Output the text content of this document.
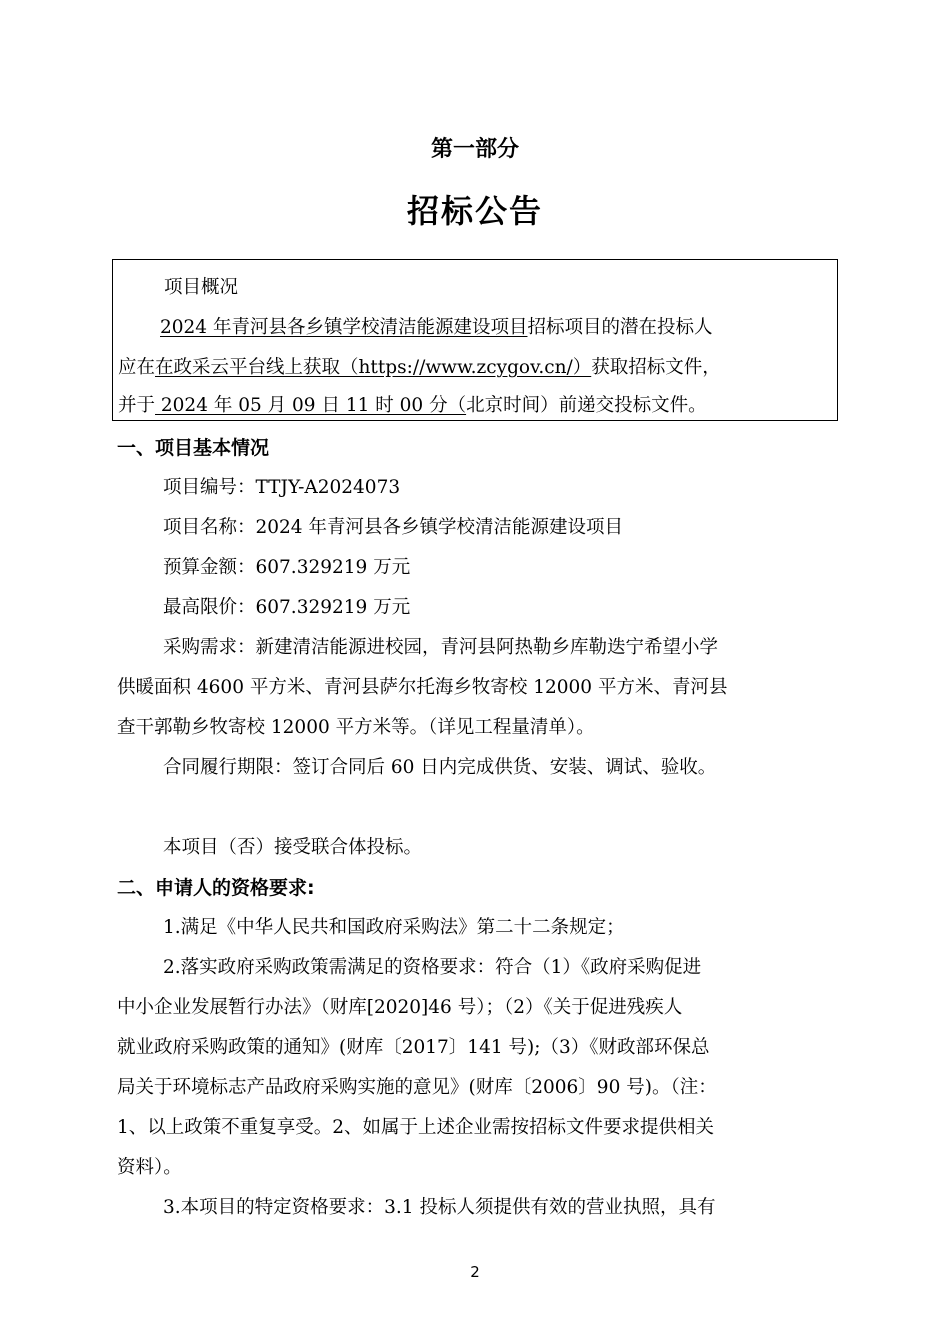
第一部分
招标公告
项目概况
2024 年青河县各乡镇学校清洁能源建设项目招标项目的潜在投标人
应在在政采云平台线上获取（https://www.zcygov.cn/）获取招标文件，
并于 2024 年 05 月 09 日 11 时 00 分（北京时间）前递交投标文件。
一、项目基本情况
项目编号：TTJY-A2024073
项目名称：2024 年青河县各乡镇学校清洁能源建设项目
预算金额：607.329219 万元
最高限价：607.329219 万元
采购需求：新建清洁能源进校园，青河县阿热勒乡库勒迭宁希望小学
供暖面积 4600 平方米、青河县萨尔托海乡牧寄校 12000 平方米、青河县
查干郭勒乡牧寄校 12000 平方米等。（详见工程量清单）。
合同履行期限：签订合同后 60 日内完成供货、安装、调试、验收。
本项目（否）接受联合体投标。
二、申请人的资格要求:
1.满足《中华人民共和国政府采购法》第二十二条规定；
2.落实政府采购政策需满足的资格要求：符合（1）《政府采购促进
中小企业发展暂行办法》（财库[2020]46 号）；（2）《关于促进残疾人
就业政府采购政策的通知》(财库〔2017〕141 号);（3）《财政部环保总
局关于环境标志产品政府采购实施的意见》(财库〔2006〕90 号)。（注：
1、以上政策不重复享受。2、如属于上述企业需按招标文件要求提供相关
资料）。
3.本项目的特定资格要求：3.1 投标人须提供有效的营业执照，具有
2
